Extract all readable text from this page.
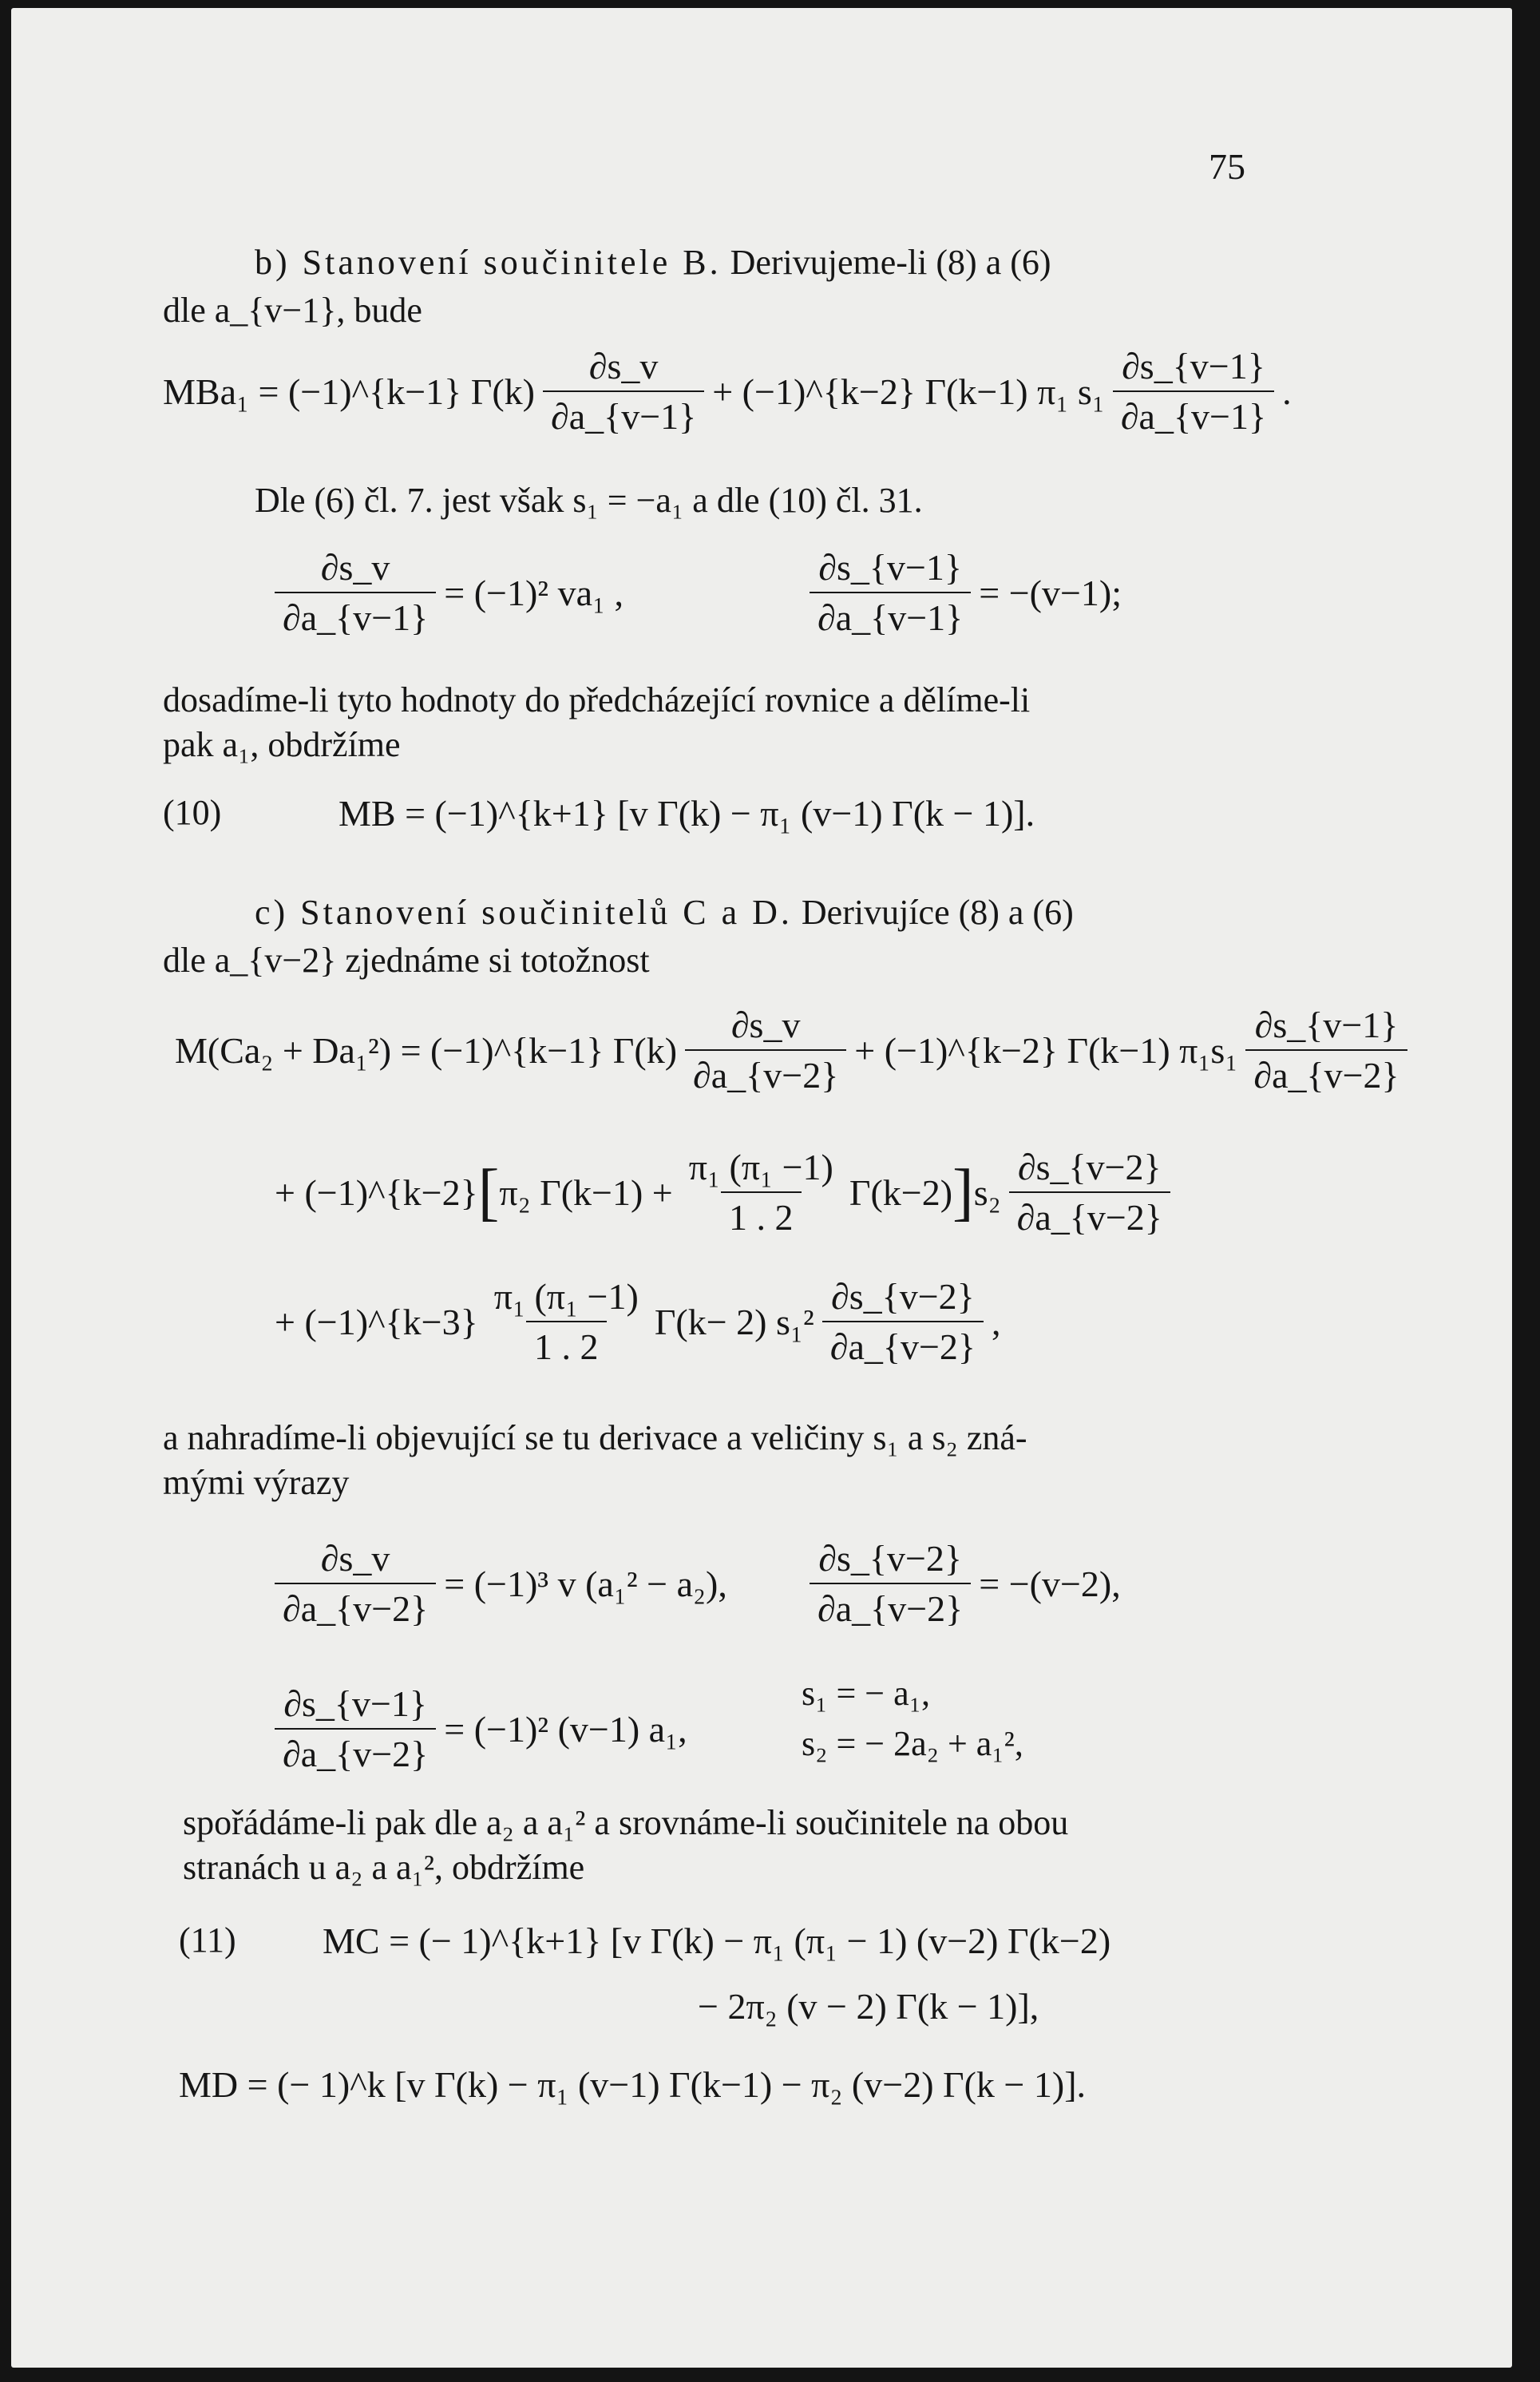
75
b) Stanovení součinitele B. Derivujeme-li (8) a (6)
dle a_{v−1}, bude
MBa₁ = (−1)^{k−1} $\Gamma(k) \frac{\partial s\_v}{\partial a\_\{v-1\}}$ + (−1)^{k−2} Γ(k−1) π₁ $s_1 \frac{\partial s\_\{v-1\}}{\partial a\_\{v-1\}}$ .
Dle (6) čl. 7. jest však s₁ = −a₁ a dle (10) čl. 31.
$\frac{\partial s\_v}{\partial a\_\{v-1\}} = (-1)^2$ va₁ ,	$\frac{\partial s\_\{v-1\}}{\partial a\_\{v-1\}} = -(v-1)$;
dosadíme-li tyto hodnoty do předcházející rovnice a dělíme-li
pak a₁, obdržíme
(10)	MB = (−1)^{k+1} [v Γ(k) − π₁ (v−1) Γ(k − 1)].
c) Stanovení součinitelů C a D. Derivujíce (8) a (6)
dle a_{v−2} zjednáme si totožnost
M(Ca₂ + Da₁²) = (−1)^{k−1} $\Gamma(k) \frac{\partial s\_v}{\partial a\_\{v-2\}}$ + (−1)^{k−2} Γ(k−1) $\pi_1s_1 \frac{\partial s\_\{v-1\}}{\partial a\_\{v-2\}}$
+ (−1)^{k−2} [ π₂ $\Gamma(k-1) + \frac{\text{π₁ (π₁ −1)}}{1 . 2} \Gamma(k-2)$ ] $s_2 \frac{\partial s\_\{v-2\}}{\partial a\_\{v-2\}}$
+ (−1)^{k−3} $\frac{\text{π₁ (π₁ −1)}}{1 . 2} \Gamma(k- 2)$ $s_1^2 \frac{\partial s\_\{v-2\}}{\partial a\_\{v-2\}}$ ,
a nahradíme-li objevující se tu derivace a veličiny s₁ a s₂ zná-
mými výrazy
$\frac{\partial s\_v}{\partial a\_\{v-2\}} = (-1)^3$ v (a₁² − a₂), $\frac{\partial s\_\{v-2\}}{\partial a\_\{v-2\}} = -(v-2)$,
$\frac{\partial s\_\{v-1\}}{\partial a\_\{v-2\}} = (-1)^2$ (v−1) a₁,
s₁ = − a₁,
s₂ = − 2a₂ + a₁²,
spořádáme-li pak dle a₂ a a₁² a srovnáme-li součinitele na obou
stranách u a₂ a a₁², obdržíme
(11) MC = (− 1)^{k+1} [v Γ(k) − π₁ (π₁ − 1) (v−2) Γ(k−2)
− 2π₂ (v − 2) Γ(k − 1)],
MD = (− 1)^k [v Γ(k) − π₁ (v−1) Γ(k−1) − π₂ (v−2) Γ(k − 1)].
